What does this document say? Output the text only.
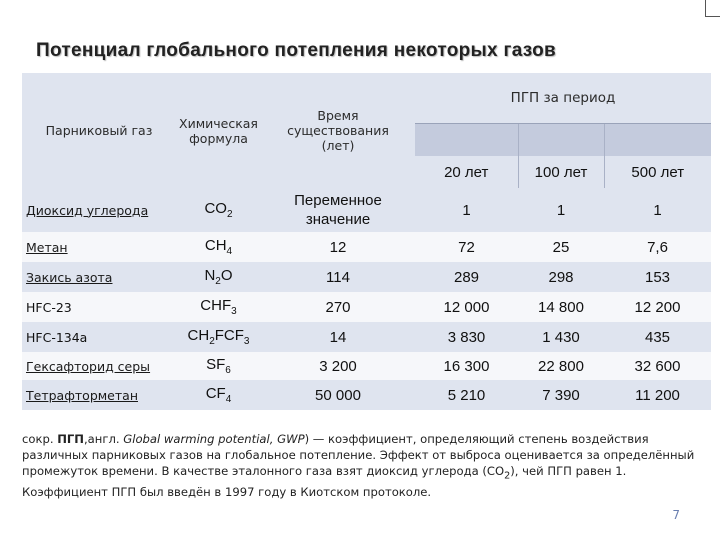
Потенциал глобального потепления некоторых газов
Парниковый газ	Химическая формула	Время существования (лет)	ПГП за период		

			20 лет	100 лет	500 лет
Диоксид углерода	$CO_2$	Переменное значение	1	1	1
Метан	$CH_4$	12	72	25	7,6
Закись азота	$N_2O$	114	289	298	153
HFC-23	$CHF_3$	270	12 000	14 800	12 200
HFC-134a	$CH_2FCF_3$	14	3 830	1 430	435
Гексафторид серы	$SF_6$	3 200	16 300	22 800	32 600
Тетрафторметан	$CF_4$	50 000	5 210	7 390	11 200
сокр. ПГП,англ. Global warming potential, GWP) — коэффициент, определяющий степень воздействия различных парниковых газов на глобальное потепление. Эффект от выброса оценивается за определённый промежуток времени. В качестве эталонного газа взят диоксид углерода $(CO_2)$, чей ПГП равен 1. Коэффициент ПГП был введён в 1997 году в Киотском протоколе.
7
